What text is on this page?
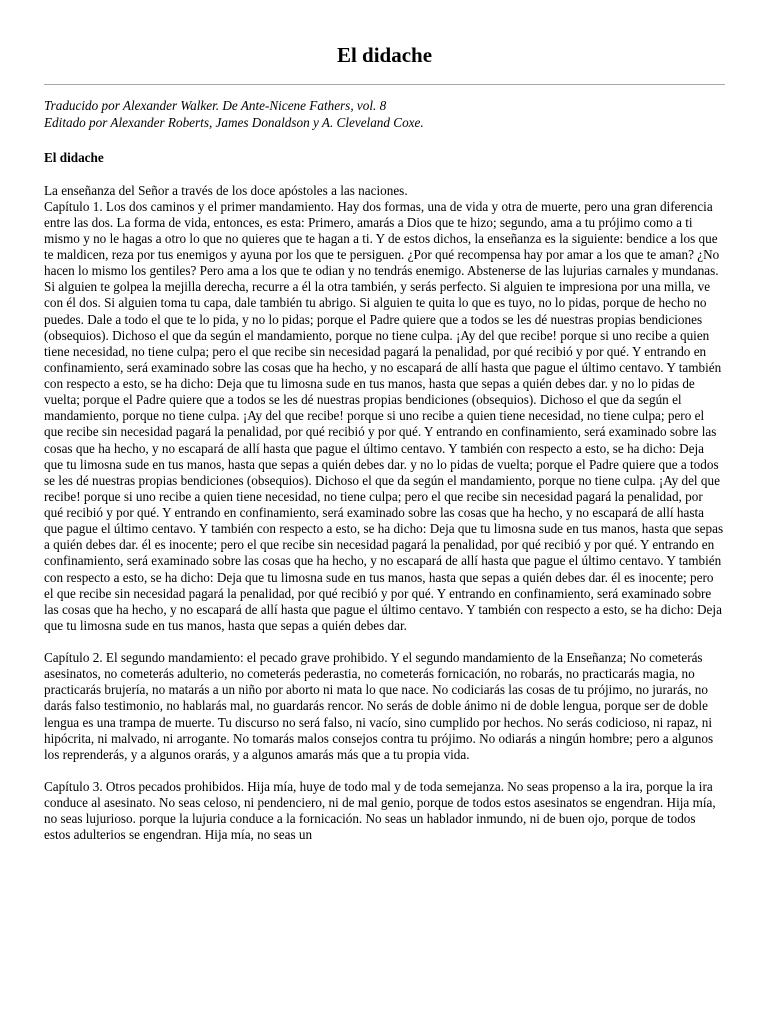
El didache
Traducido por Alexander Walker. De Ante-Nicene Fathers, vol. 8
Editado por Alexander Roberts, James Donaldson y A. Cleveland Coxe.
El didache

La enseñanza del Señor a través de los doce apóstoles a las naciones.

Capítulo 1. Los dos caminos y el primer mandamiento. Hay dos formas, una de vida y otra de muerte, pero una gran diferencia entre las dos. La forma de vida, entonces, es esta: Primero, amarás a Dios que te hizo; segundo, ama a tu prójimo como a ti mismo y no le hagas a otro lo que no quieres que te hagan a ti. Y de estos dichos, la enseñanza es la siguiente: bendice a los que te maldicen, reza por tus enemigos y ayuna por los que te persiguen. ¿Por qué recompensa hay por amar a los que te aman? ¿No hacen lo mismo los gentiles? Pero ama a los que te odian y no tendrás enemigo. Abstenerse de las lujurias carnales y mundanas. Si alguien te golpea la mejilla derecha, recurre a él la otra también, y serás perfecto. Si alguien te impresiona por una milla, ve con él dos. Si alguien toma tu capa, dale también tu abrigo. Si alguien te quita lo que es tuyo, no lo pidas, porque de hecho no puedes. Dale a todo el que te lo pida, y no lo pidas; porque el Padre quiere que a todos se les dé nuestras propias bendiciones (obsequios). Dichoso el que da según el mandamiento, porque no tiene culpa. ¡Ay del que recibe! porque si uno recibe a quien tiene necesidad, no tiene culpa; pero el que recibe sin necesidad pagará la penalidad, por qué recibió y por qué. Y entrando en confinamiento, será examinado sobre las cosas que ha hecho, y no escapará de allí hasta que pague el último centavo. Y también con respecto a esto, se ha dicho: Deja que tu limosna sude en tus manos, hasta que sepas a quién debes dar. y no lo pidas de vuelta; porque el Padre quiere que a todos se les dé nuestras propias bendiciones (obsequios). Dichoso el que da según el mandamiento, porque no tiene culpa. ¡Ay del que recibe! porque si uno recibe a quien tiene necesidad, no tiene culpa; pero el que recibe sin necesidad pagará la penalidad, por qué recibió y por qué. Y entrando en confinamiento, será examinado sobre las cosas que ha hecho, y no escapará de allí hasta que pague el último centavo. Y también con respecto a esto, se ha dicho: Deja que tu limosna sude en tus manos, hasta que sepas a quién debes dar. y no lo pidas de vuelta; porque el Padre quiere que a todos se les dé nuestras propias bendiciones (obsequios). Dichoso el que da según el mandamiento, porque no tiene culpa. ¡Ay del que recibe! porque si uno recibe a quien tiene necesidad, no tiene culpa; pero el que recibe sin necesidad pagará la penalidad, por qué recibió y por qué. Y entrando en confinamiento, será examinado sobre las cosas que ha hecho, y no escapará de allí hasta que pague el último centavo. Y también con respecto a esto, se ha dicho: Deja que tu limosna sude en tus manos, hasta que sepas a quién debes dar. él es inocente; pero el que recibe sin necesidad pagará la penalidad, por qué recibió y por qué. Y entrando en confinamiento, será examinado sobre las cosas que ha hecho, y no escapará de allí hasta que pague el último centavo. Y también con respecto a esto, se ha dicho: Deja que tu limosna sude en tus manos, hasta que sepas a quién debes dar. él es inocente; pero el que recibe sin necesidad pagará la penalidad, por qué recibió y por qué. Y entrando en confinamiento, será examinado sobre las cosas que ha hecho, y no escapará de allí hasta que pague el último centavo. Y también con respecto a esto, se ha dicho: Deja que tu limosna sude en tus manos, hasta que sepas a quién debes dar.

Capítulo 2. El segundo mandamiento: el pecado grave prohibido. Y el segundo mandamiento de la Enseñanza; No cometerás asesinatos, no cometerás adulterio, no cometerás pederastia, no cometerás fornicación, no robarás, no practicarás magia, no practicarás brujería, no matarás a un niño por aborto ni mata lo que nace. No codiciarás las cosas de tu prójimo, no jurarás, no darás falso testimonio, no hablarás mal, no guardarás rencor. No serás de doble ánimo ni de doble lengua, porque ser de doble lengua es una trampa de muerte. Tu discurso no será falso, ni vacío, sino cumplido por hechos. No serás codicioso, ni rapaz, ni hipócrita, ni malvado, ni arrogante. No tomarás malos consejos contra tu prójimo. No odiarás a ningún hombre; pero a algunos los reprenderás, y a algunos orarás, y a algunos amarás más que a tu propia vida.

Capítulo 3. Otros pecados prohibidos. Hija mía, huye de todo mal y de toda semejanza. No seas propenso a la ira, porque la ira conduce al asesinato. No seas celoso, ni pendenciero, ni de mal genio, porque de todos estos asesinatos se engendran. Hija mía, no seas lujurioso. porque la lujuria conduce a la fornicación. No seas un hablador inmundo, ni de buen ojo, porque de todos estos adulterios se engendran. Hija mía, no seas un
